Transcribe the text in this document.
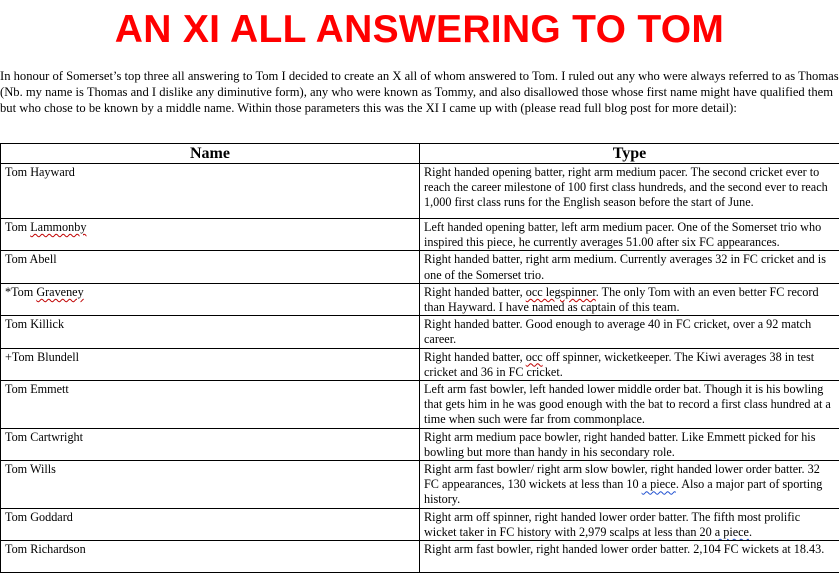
AN XI ALL ANSWERING TO TOM

In honour of Somerset’s top three all answering to Tom I decided to create an X all of whom answered to Tom. I ruled out any who were always referred to as Thomas (Nb. my name is Thomas and I dislike any diminutive form), any who were known as Tommy, and also disallowed those whose first name might have qualified them but who chose to be known by a middle name. Within those parameters this was the XI I came up with (please read full blog post for more detail):

Name	Type
Tom Hayward	Right handed opening batter, right arm medium pacer. The second cricket ever to reach the career milestone of 100 first class hundreds, and the second ever to reach 1,000 first class runs for the English season before the start of June.
Tom Lammonby	Left handed opening batter, left arm medium pacer. One of the Somerset trio who inspired this piece, he currently averages 51.00 after six FC appearances.
Tom Abell	Right handed batter, right arm medium. Currently averages 32 in FC cricket and is one of the Somerset trio.
*Tom Graveney	Right handed batter, occ legspinner. The only Tom with an even better FC record than Hayward. I have named as captain of this team.
Tom Killick	Right handed batter. Good enough to average 40 in FC cricket, over a 92 match career.
+Tom Blundell	Right handed batter, occ off spinner, wicketkeeper. The Kiwi averages 38 in test cricket and 36 in FC cricket.
Tom Emmett	Left arm fast bowler, left handed lower middle order bat. Though it is his bowling that gets him in he was good enough with the bat to record a first class hundred at a time when such were far from commonplace.
Tom Cartwright	Right arm medium pace bowler, right handed batter. Like Emmett picked for his bowling but more than handy in his secondary role.
Tom Wills	Right arm fast bowler/ right arm slow bowler, right handed lower order batter. 32 FC appearances, 130 wickets at less than 10 a piece. Also a major part of sporting history.
Tom Goddard	Right arm off spinner, right handed lower order batter. The fifth most prolific wicket taker in FC history with 2,979 scalps at less than 20 a piece.
Tom Richardson	Right arm fast bowler, right handed lower order batter. 2,104 FC wickets at 18.43.
